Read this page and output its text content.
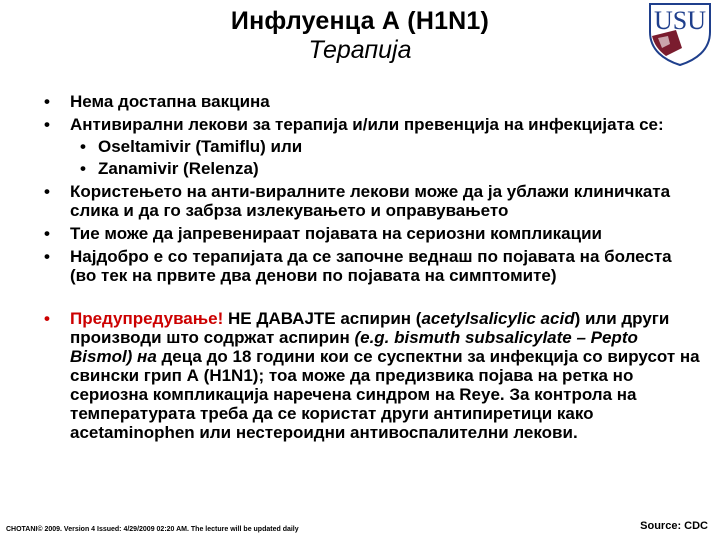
Инфлуенца А (H1N1)
Терапија
USU
• Нема достапна вакцина
• Антивирални лекови за терапија и/или превенција на инфекцијата се:
• Oseltamivir (Tamiflu) или
• Zanamivir (Relenza)
• Користењето на анти-виралните лекови може да ја ублажи клиничката слика и да го забрза излекувањето и оправувањето
• Тие може да јапревенираат појавата на сериозни компликации
• Најдобро е со терапијата да се започне веднаш по појавата на болеста (во тек на првите два денови по појавата на симптомите)
• Предупредување! НЕ ДАВАЈТЕ аспирин (acetylsalicylic acid) или други производи што содржат аспирин (e.g. bismuth subsalicylate – Pepto Bismol) на деца до 18 години кои се суспектни за инфекција со вирусот на свински грип А (H1N1); тоа може да предизвика појава на ретка но сериозна компликација наречена синдром на Reye. За контрола на температурата треба да се користат други антипиретици како acetaminophen или нестероидни антивоспалителни лекови.
CHOTANI© 2009. Version 4 Issued: 4/29/2009 02:20 AM. The lecture will be updated daily	Source: CDC
